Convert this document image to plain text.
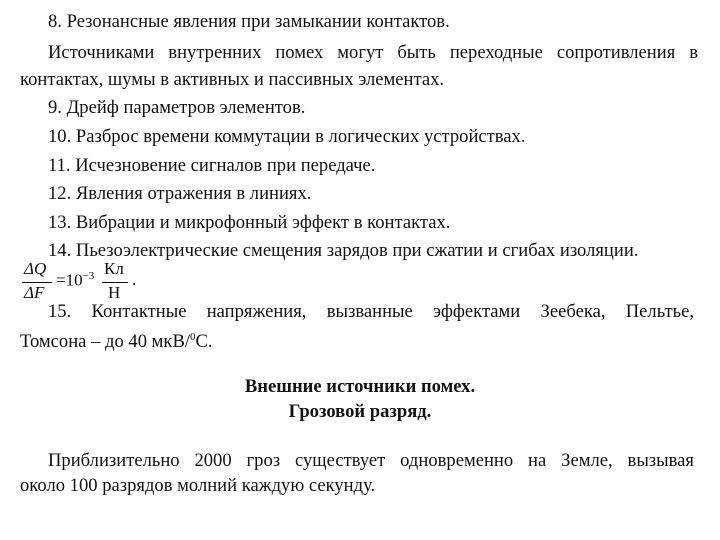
8. Резонансные явления при замыкании контактов.
Источниками внутренних помех могут быть переходные сопротивления в
контактах, шумы в активных и пассивных элементах.
9. Дрейф параметров элементов.
10. Разброс времени коммутации в логических устройствах.
11. Исчезновение сигналов при передаче.
12. Явления отражения в линиях.
13. Вибрации и микрофонный эффект в контактах.
14. Пьезоэлектрические смещения зарядов при сжатии и сгибах изоляции.
ΔQ
ΔF
$=10^{-3}$ Кл
Н
.
15. Контактные напряжения, вызванные эффектами Зеебека, Пельтье,
Томсона – до 40 мкВ/$^0$С.
Внешние источники помех.
Грозовой разряд.
Приблизительно 2000 гроз существует одновременно на Земле, вызывая
около 100 разрядов молний каждую секунду.
